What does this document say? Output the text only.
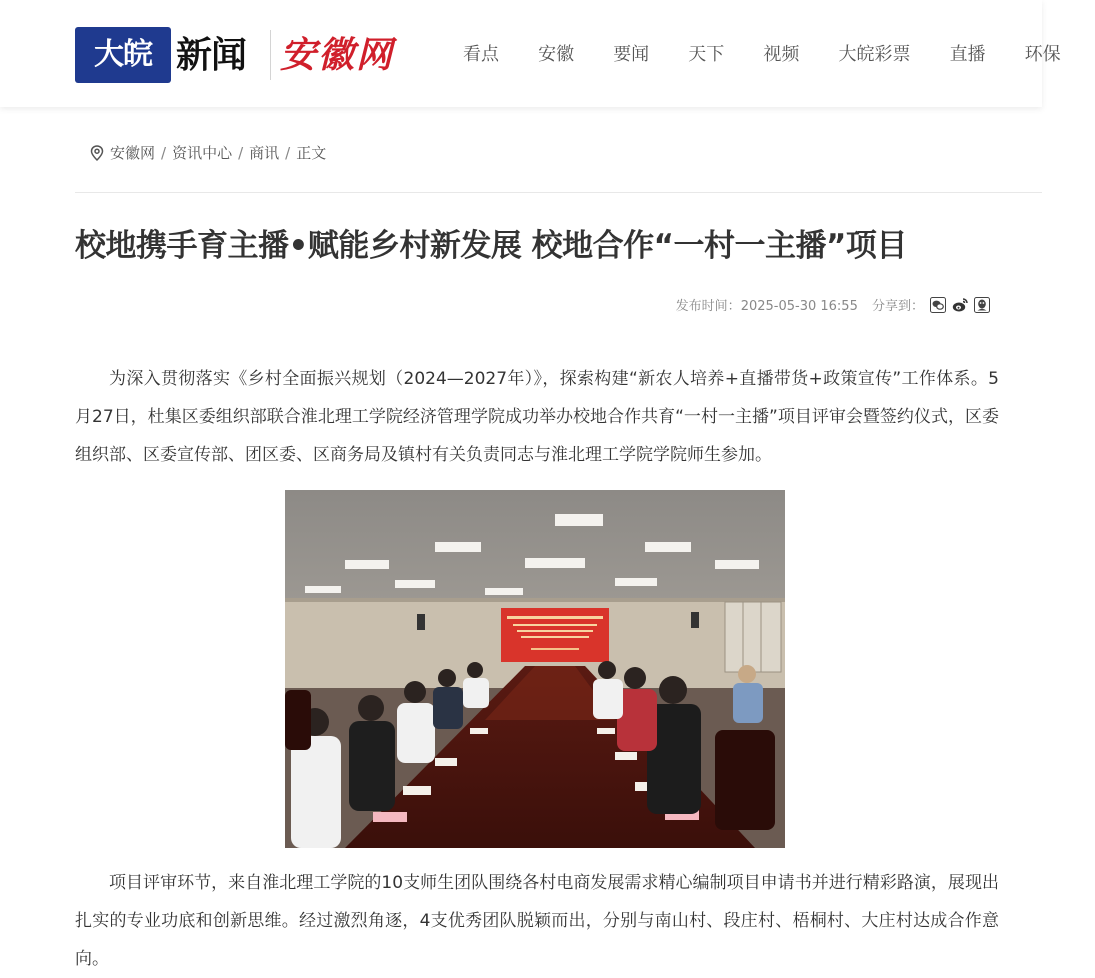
大皖 新闻 安徽网	看点 安徽 要闻 天下 视频 大皖彩票 直播 环保
安徽网 / 资讯中心 / 商讯 / 正文
校地携手育主播•赋能乡村新发展 校地合作“一村一主播”项目
发布时间：2025-05-30 16:55 分享到：

为深入贯彻落实《乡村全面振兴规划（2024—2027年）》，探索构建“新农人培养+直播带货+政策宣传”工作体系。5月27日，杜集区委组织部联合淮北理工学院经济管理学院成功举办校地合作共育“一村一主播”项目评审会暨签约仪式，区委组织部、区委宣传部、团区委、区商务局及镇村有关负责同志与淮北理工学院学院师生参加。

项目评审环节，来自淮北理工学院的10支师生团队围绕各村电商发展需求精心编制项目申请书并进行精彩路演，展现出扎实的专业功底和创新思维。经过激烈角逐，4支优秀团队脱颖而出，分别与南山村、段庄村、梧桐村、大庄村达成合作意向。
